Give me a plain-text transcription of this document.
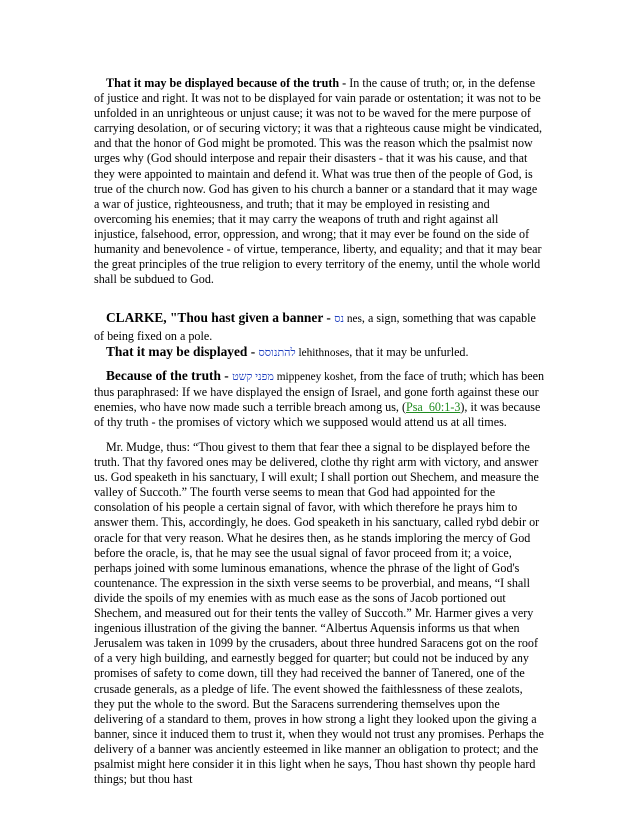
That it may be displayed because of the truth - In the cause of truth; or, in the defense of justice and right. It was not to be displayed for vain parade or ostentation; it was not to be unfolded in an unrighteous or unjust cause; it was not to be waved for the mere purpose of carrying desolation, or of securing victory; it was that a righteous cause might be vindicated, and that the honor of God might be promoted. This was the reason which the psalmist now urges why (God should interpose and repair their disasters - that it was his cause, and that they were appointed to maintain and defend it. What was true then of the people of God, is true of the church now. God has given to his church a banner or a standard that it may wage a war of justice, righteousness, and truth; that it may be employed in resisting and overcoming his enemies; that it may carry the weapons of truth and right against all injustice, falsehood, error, oppression, and wrong; that it may ever be found on the side of humanity and benevolence - of virtue, temperance, liberty, and equality; and that it may bear the great principles of the true religion to every territory of the enemy, until the whole world shall be subdued to God.

CLARKE, "Thou hast given a banner - נס nes, a sign, something that was capable of being fixed on a pole.

That it may be displayed - להתנוסס lehithnoses, that it may be unfurled.

Because of the truth - מפני קשט mippeney koshet, from the face of truth; which has been thus paraphrased: If we have displayed the ensign of Israel, and gone forth against these our enemies, who have now made such a terrible breach among us, (Psa_60:1-3), it was because of thy truth - the promises of victory which we supposed would attend us at all times.

Mr. Mudge, thus: “Thou givest to them that fear thee a signal to be displayed before the truth. That thy favored ones may be delivered, clothe thy right arm with victory, and answer us. God speaketh in his sanctuary, I will exult; I shall portion out Shechem, and measure the valley of Succoth.” The fourth verse seems to mean that God had appointed for the consolation of his people a certain signal of favor, with which therefore he prays him to answer them. This, accordingly, he does. God speaketh in his sanctuary, called rybd debir or oracle for that very reason. What he desires then, as he stands imploring the mercy of God before the oracle, is, that he may see the usual signal of favor proceed from it; a voice, perhaps joined with some luminous emanations, whence the phrase of the light of God's countenance. The expression in the sixth verse seems to be proverbial, and means, “I shall divide the spoils of my enemies with as much ease as the sons of Jacob portioned out Shechem, and measured out for their tents the valley of Succoth.” Mr. Harmer gives a very ingenious illustration of the giving the banner. “Albertus Aquensis informs us that when Jerusalem was taken in 1099 by the crusaders, about three hundred Saracens got on the roof of a very high building, and earnestly begged for quarter; but could not be induced by any promises of safety to come down, till they had received the banner of Tanered, one of the crusade generals, as a pledge of life. The event showed the faithlessness of these zealots, they put the whole to the sword. But the Saracens surrendering themselves upon the delivering of a standard to them, proves in how strong a light they looked upon the giving a banner, since it induced them to trust it, when they would not trust any promises. Perhaps the delivery of a banner was anciently esteemed in like manner an obligation to protect; and the psalmist might here consider it in this light when he says, Thou hast shown thy people hard things; but thou hast
